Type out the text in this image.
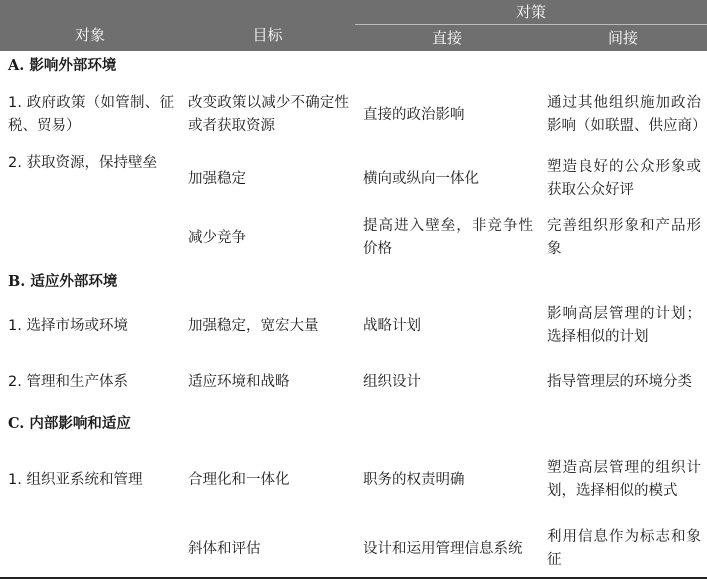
对象	目标	对策	
		直接	间接
A. 影响外部环境			
1. 政府政策（如管制、征税、贸易）	改变政策以减少不确定性或者获取资源	直接的政治影响	通过其他组织施加政治影响（如联盟、供应商）
2. 获取资源，保持壁垒	加强稳定	横向或纵向一体化	塑造良好的公众形象或获取公众好评
	减少竞争	提高进入壁垒，非竞争性价格	完善组织形象和产品形象
B. 适应外部环境			
1. 选择市场或环境	加强稳定，宽宏大量	战略计划	影响高层管理的计划；选择相似的计划
2. 管理和生产体系	适应环境和战略	组织设计	指导管理层的环境分类
C. 内部影响和适应			
1. 组织亚系统和管理	合理化和一体化	职务的权责明确	塑造高层管理的组织计划，选择相似的模式
	斜体和评估	设计和运用管理信息系统	利用信息作为标志和象征
